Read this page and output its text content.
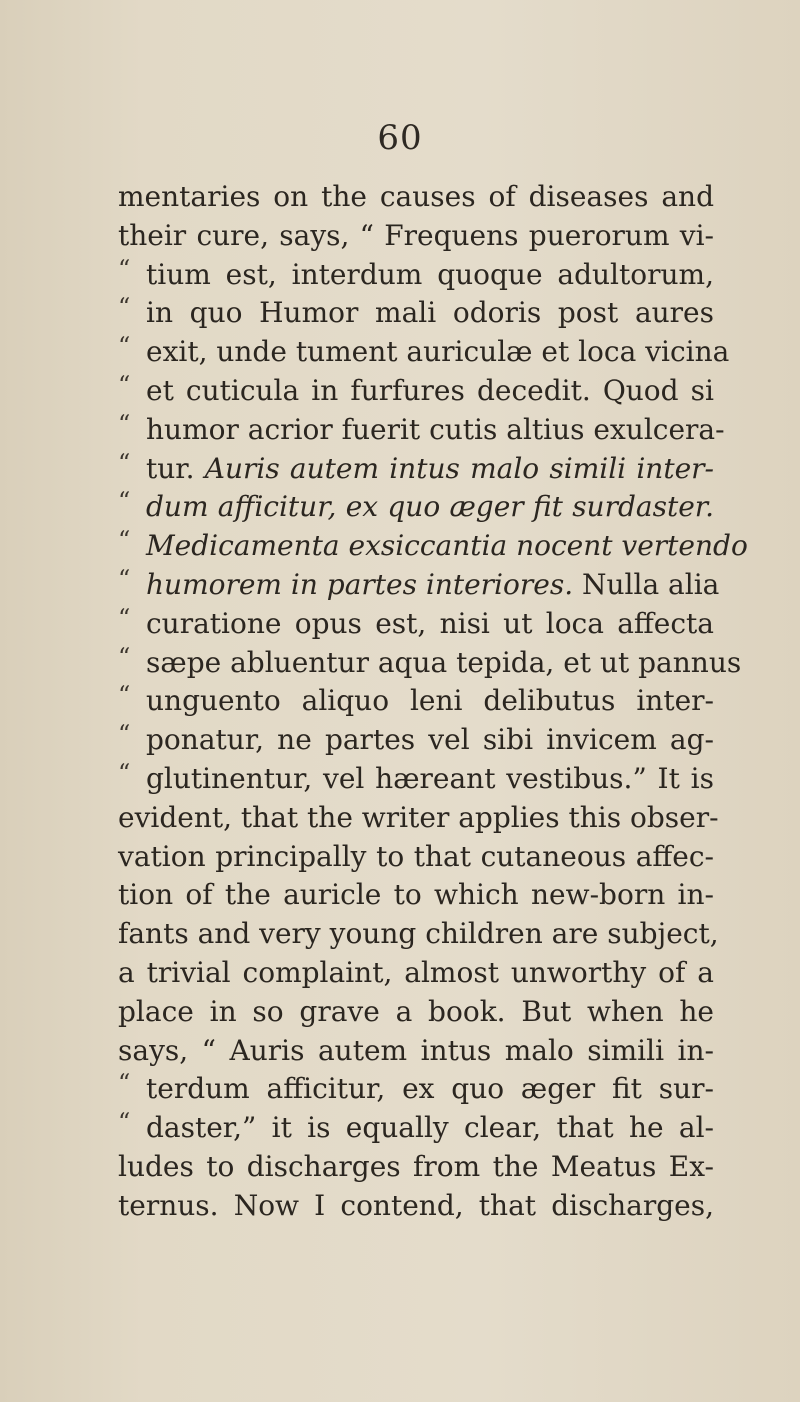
60
mentaries on the causes of diseases and
their cure, says, “ Frequens puerorum vi-
“ tium est, interdum quoque adultorum,
“ in quo Humor mali odoris post aures
“ exit, unde tument auriculæ et loca vicina
“ et cuticula in furfures decedit. Quod si
“ humor acrior fuerit cutis altius exulcera-
“ tur. Auris autem intus malo simili inter-
“ dum afficitur, ex quo æger fit surdaster.
“ Medicamenta exsiccantia nocent vertendo
“ humorem in partes interiores. Nulla alia
“ curatione opus est, nisi ut loca affecta
“ sæpe abluentur aqua tepida, et ut pannus
“ unguento aliquo leni delibutus inter-
“ ponatur, ne partes vel sibi invicem ag-
“ glutinentur, vel hæreant vestibus.” It is
evident, that the writer applies this obser-
vation principally to that cutaneous affec-
tion of the auricle to which new-born in-
fants and very young children are subject,
a trivial complaint, almost unworthy of a
place in so grave a book. But when he
says, “ Auris autem intus malo simili in-
“ terdum afficitur, ex quo æger fit sur-
“ daster,” it is equally clear, that he al-
ludes to discharges from the Meatus Ex-
ternus. Now I contend, that discharges,
